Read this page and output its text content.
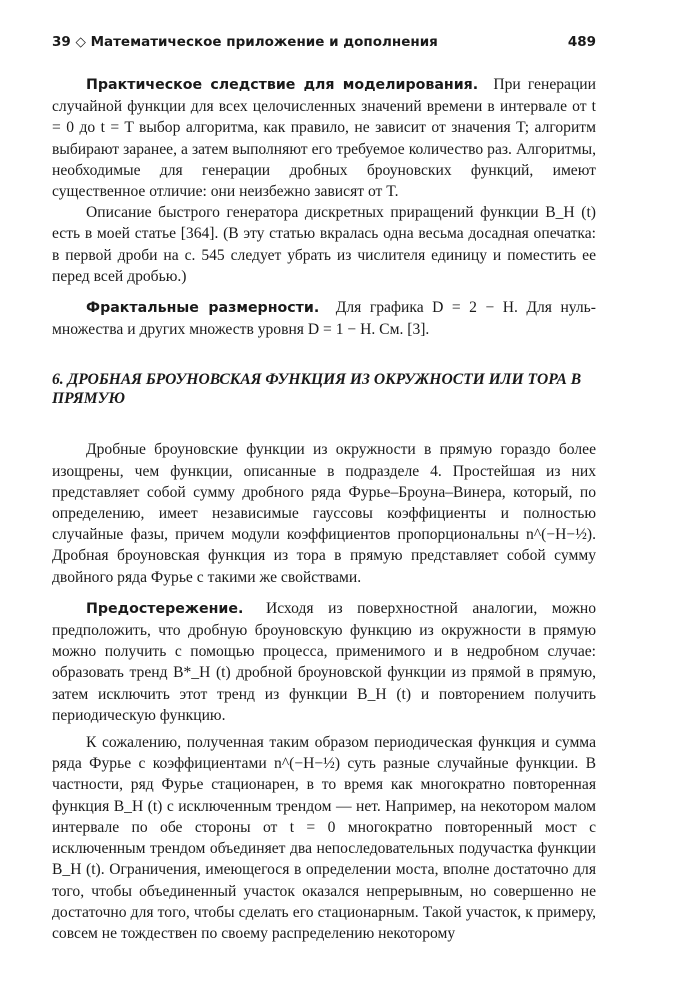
39 ◇ Математическое приложение и дополнения	489

Практическое следствие для моделирования. При генерации случайной функции для всех целочисленных значений времени в интервале от t = 0 до t = T выбор алгоритма, как правило, не зависит от значения T; алгоритм выбирают заранее, а затем выполняют его требуемое количество раз. Алгоритмы, необходимые для генерации дробных броуновских функций, имеют существенное отличие: они неизбежно зависят от T.

Описание быстрого генератора дискретных приращений функции B_H (t) есть в моей статье [364]. (В эту статью вкралась одна весьма досадная опечатка: в первой дроби на с. 545 следует убрать из числителя единицу и поместить ее перед всей дробью.)

Фрактальные размерности. Для графика D = 2 − H. Для нуль-множества и других множеств уровня D = 1 − H. См. [3].

6. ДРОБНАЯ БРОУНОВСКАЯ ФУНКЦИЯ ИЗ ОКРУЖНОСТИ ИЛИ ТОРА В ПРЯМУЮ

Дробные броуновские функции из окружности в прямую гораздо более изощрены, чем функции, описанные в подразделе 4. Простейшая из них представляет собой сумму дробного ряда Фурье–Броуна–Винера, который, по определению, имеет независимые гауссовы коэффициенты и полностью случайные фазы, причем модули коэффициентов пропорциональны n^(−H−½). Дробная броуновская функция из тора в прямую представляет собой сумму двойного ряда Фурье с такими же свойствами.

Предостережение. Исходя из поверхностной аналогии, можно предположить, что дробную броуновскую функцию из окружности в прямую можно получить с помощью процесса, применимого и в недробном случае: образовать тренд B*_H (t) дробной броуновской функции из прямой в прямую, затем исключить этот тренд из функции B_H (t) и повторением получить периодическую функцию.

К сожалению, полученная таким образом периодическая функция и сумма ряда Фурье с коэффициентами n^(−H−½) суть разные случайные функции. В частности, ряд Фурье стационарен, в то время как многократно повторенная функция B_H (t) с исключенным трендом — нет. Например, на некотором малом интервале по обе стороны от t = 0 многократно повторенный мост с исключенным трендом объединяет два непоследовательных подучастка функции B_H (t). Ограничения, имеющегося в определении моста, вполне достаточно для того, чтобы объединенный участок оказался непрерывным, но совершенно не достаточно для того, чтобы сделать его стационарным. Такой участок, к примеру, совсем не тождествен по своему распределению некоторому
